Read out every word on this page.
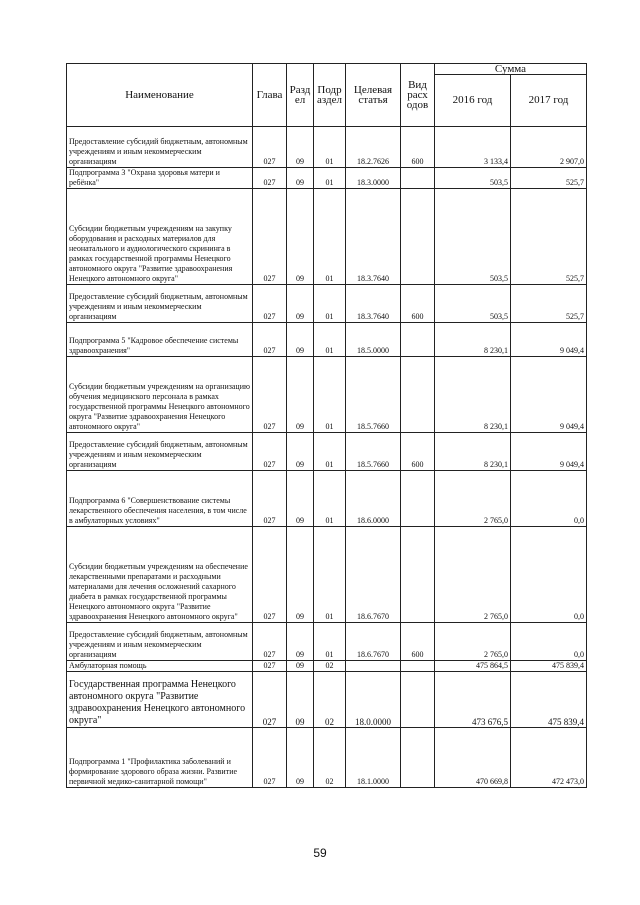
Наименование	Глава	Разд ел	Подр аздел	Целевая статья	Вид расх одов	Сумма	
						2016 год	2017 год
Предоставление субсидий бюджетным, автономным учреждениям и иным некоммерческим организациям	027	09	01	18.2.7626	600	3 133,4	2 907,0
Подпрограмма 3 "Охрана здоровья матери и ребёнка"	027	09	01	18.3.0000		503,5	525,7
Субсидии бюджетным учреждениям на закупку оборудования и расходных материалов для неонатального и аудиологического скрининга в рамках государственной программы Ненецкого автономного округа "Развитие здравоохранения Ненецкого автономного округа"	027	09	01	18.3.7640		503,5	525,7
Предоставление субсидий бюджетным, автономным учреждениям и иным некоммерческим организациям	027	09	01	18.3.7640	600	503,5	525,7
Подпрограмма 5 "Кадровое обеспечение системы здравоохранения"	027	09	01	18.5.0000		8 230,1	9 049,4
Субсидии бюджетным учреждениям на организацию обучения медицинского персонала в рамках государственной программы Ненецкого автономного округа "Развитие здравоохранения Ненецкого автономного округа"	027	09	01	18.5.7660		8 230,1	9 049,4
Предоставление субсидий бюджетным, автономным учреждениям и иным некоммерческим организациям	027	09	01	18.5.7660	600	8 230,1	9 049,4
Подпрограмма 6 "Совершенствование системы лекарственного обеспечения населения, в том числе в амбулаторных условиях"	027	09	01	18.6.0000		2 765,0	0,0
Субсидии бюджетным учреждениям на обеспечение лекарственными препаратами и расходными материалами для лечения осложнений сахарного диабета в рамках государственной программы Ненецкого автономного округа "Развитие здравоохранения Ненецкого автономного округа"	027	09	01	18.6.7670		2 765,0	0,0
Предоставление субсидий бюджетным, автономным учреждениям и иным некоммерческим организациям	027	09	01	18.6.7670	600	2 765,0	0,0
Амбулаторная помощь	027	09	02			475 864,5	475 839,4
Государственная программа Ненецкого автономного округа "Развитие здравоохранения Ненецкого автономного округа"	027	09	02	18.0.0000		473 676,5	475 839,4
Подпрограмма 1 "Профилактика заболеваний и формирование здорового образа жизни. Развитие первичной медико-санитарной помощи"	027	09	02	18.1.0000		470 669,8	472 473,0
59
